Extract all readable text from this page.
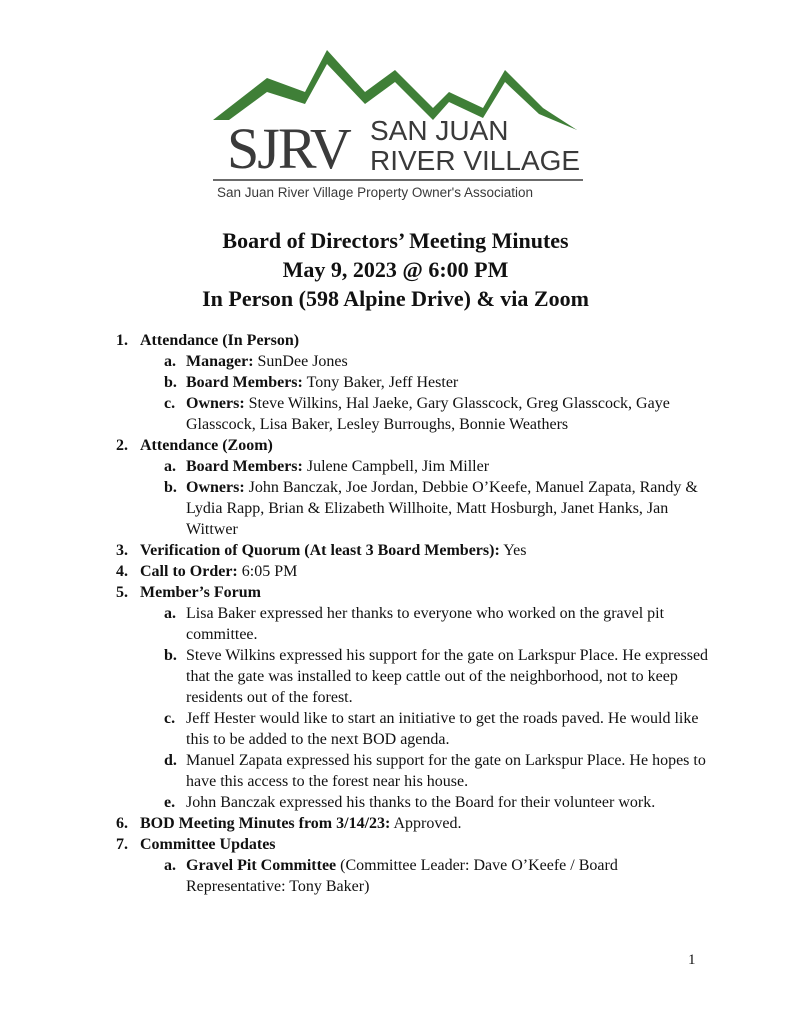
SJRV SAN JUAN
RIVER VILLAGE
San Juan River Village Property Owner's Association
Board of Directors’ Meeting Minutes
May 9, 2023 @ 6:00 PM
In Person (598 Alpine Drive) & via Zoom
1. Attendance (In Person)
a. Manager: SunDee Jones
b. Board Members: Tony Baker, Jeff Hester
c. Owners: Steve Wilkins, Hal Jaeke, Gary Glasscock, Greg Glasscock, Gaye Glasscock, Lisa Baker, Lesley Burroughs, Bonnie Weathers
2. Attendance (Zoom)
a. Board Members: Julene Campbell, Jim Miller
b. Owners: John Banczak, Joe Jordan, Debbie O’Keefe, Manuel Zapata, Randy & Lydia Rapp, Brian & Elizabeth Willhoite, Matt Hosburgh, Janet Hanks, Jan Wittwer
3. Verification of Quorum (At least 3 Board Members): Yes
4. Call to Order: 6:05 PM
5. Member’s Forum
a. Lisa Baker expressed her thanks to everyone who worked on the gravel pit committee.
b. Steve Wilkins expressed his support for the gate on Larkspur Place. He expressed that the gate was installed to keep cattle out of the neighborhood, not to keep residents out of the forest.
c. Jeff Hester would like to start an initiative to get the roads paved. He would like this to be added to the next BOD agenda.
d. Manuel Zapata expressed his support for the gate on Larkspur Place. He hopes to have this access to the forest near his house.
e. John Banczak expressed his thanks to the Board for their volunteer work.
6. BOD Meeting Minutes from 3/14/23: Approved.
7. Committee Updates
a. Gravel Pit Committee (Committee Leader: Dave O’Keefe / Board Representative: Tony Baker)
1
